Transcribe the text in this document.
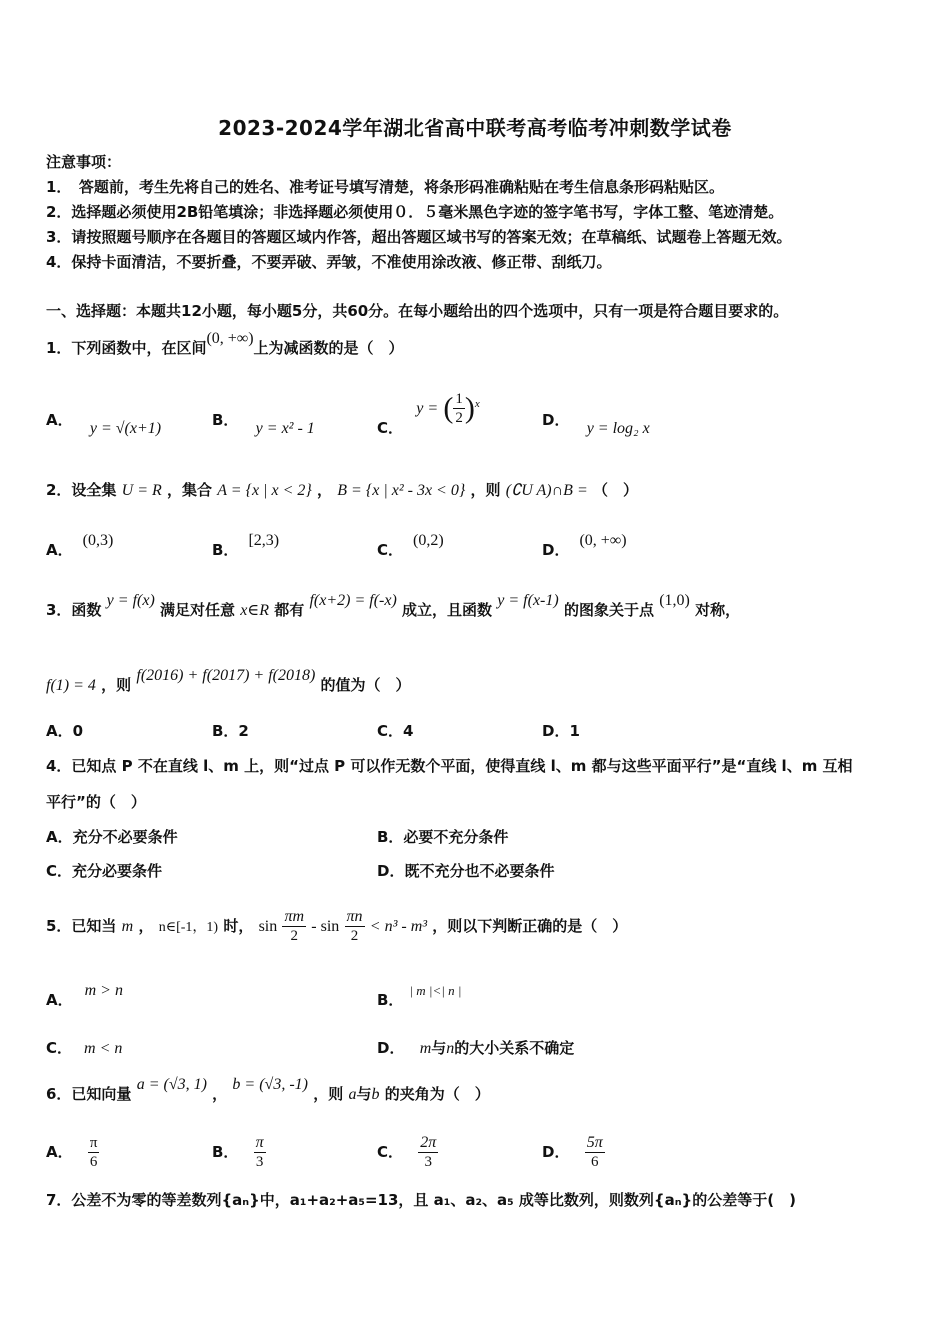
2023-2024学年湖北省高中联考高考临考冲刺数学试卷
注意事项：
1．　答题前，考生先将自己的姓名、准考证号填写清楚，将条形码准确粘贴在考生信息条形码粘贴区。
2．选择题必须使用2B铅笔填涂；非选择题必须使用０．５毫米黑色字迹的签字笔书写，字体工整、笔迹清楚。
3．请按照题号顺序在各题目的答题区域内作答，超出答题区域书写的答案无效；在草稿纸、试题卷上答题无效。
4．保持卡面清洁，不要折叠，不要弄破、弄皱，不准使用涂改液、修正带、刮纸刀。
一、选择题：本题共12小题，每小题5分，共60分。在每小题给出的四个选项中，只有一项是符合题目要求的。
1．下列函数中，在区间(0, +∞)上为减函数的是（　）
A． y = √(x+1)	B． y = x² - 1	C． y = ( $\frac{1}{2} )^x$
D． y = log₂ x
2．设全集 U = R ，集合 A = {x | x < 2} ， B = {x | x² - 3x < 0} ，则 (∁U A)∩B = （　）
A．(0,3)
B．[2,3)
C．(0,2)
D．(0, +∞)
3．函数 y = f(x) 满足对任意 x∈R 都有 f(x+2) = f(-x) 成立，且函数 y = f(x-1) 的图象关于点 (1,0) 对称，
f(1) = 4 ，则 f(2016) + f(2017) + f(2018) 的值为（　）
A．0	B．2	C．4	D．1
4．已知点 P 不在直线 l、m 上，则“过点 P 可以作无数个平面，使得直线 l、m 都与这些平面平行”是“直线 l、m 互相
平行”的（　）
A．充分不必要条件	B．必要不充分条件
C．充分必要条件	D．既不充分也不必要条件
5．已知当 m ， n∈[-1，1) 时， $\sin \frac{\pi m}{2} - \sin \frac{\pi n}{2} < n^3 - m^3$ ，则以下判断正确的是（　）
A．m > n
B．| m |<| n |
C． m < n	D． m与n的大小关系不确定
6．已知向量 a = (√3, 1) ， b = (√3, -1) ，则 a与b 的夹角为（　）
A． $\frac{\pi}{6}$	B． $\frac{\pi}{3}$	C． $\frac{2\pi}{3}$	D． $\frac{5\pi}{6}$
7．公差不为零的等差数列{aₙ}中，a₁+a₂+a₅=13，且 a₁、a₂、a₅ 成等比数列，则数列{aₙ}的公差等于(　)
